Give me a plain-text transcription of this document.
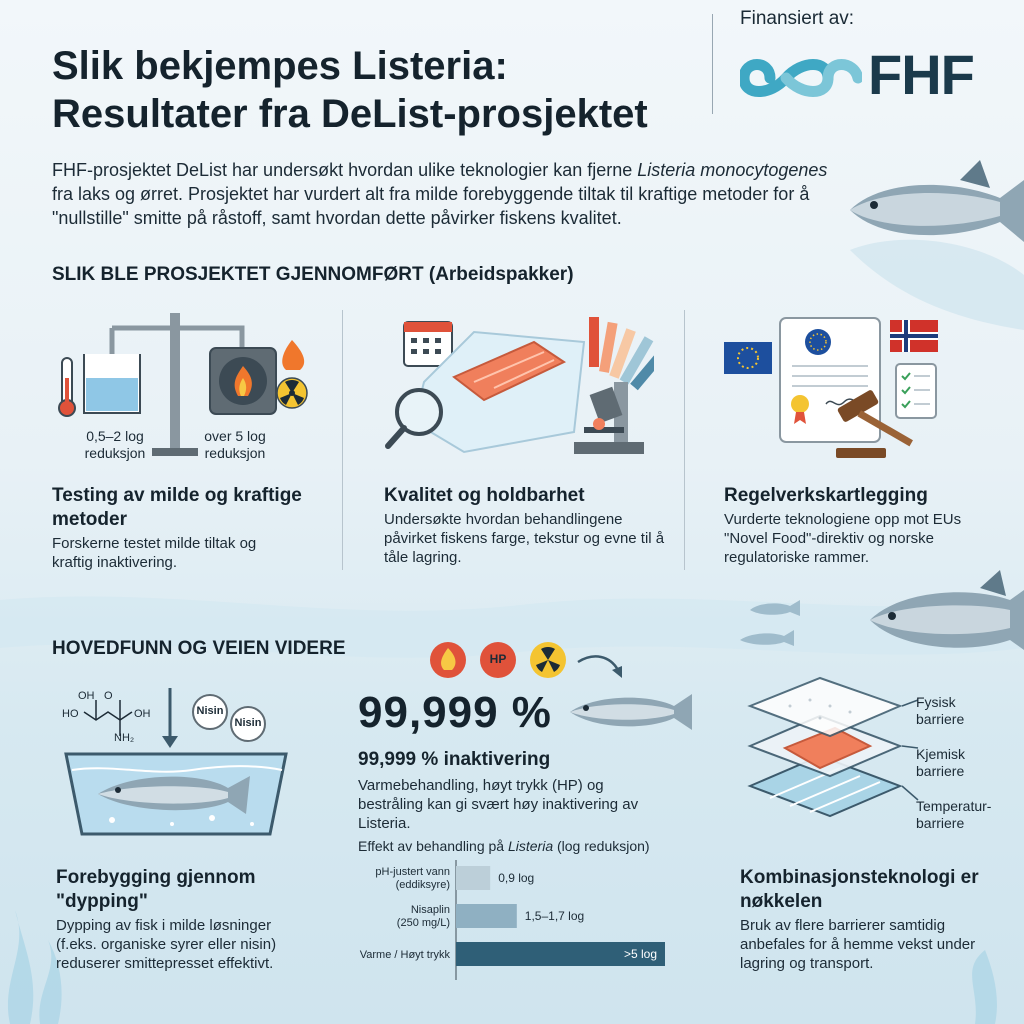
Slik bekjempes Listeria:
Resultater fra DeList-prosjektet
Finansiert av:
FHF
FHF-prosjektet DeList har undersøkt hvordan ulike teknologier kan fjerne Listeria monocytogenes fra laks og ørret. Prosjektet har vurdert alt fra milde forebyggende tiltak til kraftige metoder for å "nullstille" smitte på råstoff, samt hvordan dette påvirker fiskens kvalitet.
SLIK BLE PROSJEKTET GJENNOMFØRT (Arbeidspakker)
0,5–2 log reduksjon
over 5 log reduksjon
Testing av milde og kraftige metoder
Forskerne testet milde tiltak og kraftig inaktivering.
Kvalitet og holdbarhet
Undersøkte hvordan behandlingene påvirket fiskens farge, tekstur og evne til å tåle lagring.
Regelverkskartlegging
Vurderte teknologiene opp mot EUs "Novel Food"-direktiv og norske regulatoriske rammer.
HOVEDFUNN OG VEIEN VIDERE
OH O
HO	OH
NH₂
Nisin
Nisin
Forebygging gjennom "dypping"
Dypping av fisk i milde løsninger (f.eks. organiske syrer eller nisin) reduserer smittepresset effektivt.
HP
99,999 %
99,999 % inaktivering
Varmebehandling, høyt trykk (HP) og bestråling kan gi svært høy inaktivering av Listeria.
Effekt av behandling på Listeria (log reduksjon)
pH-justert vann (eddiksyre)	0,9 log
Nisaplin (250 mg/L)	1,5–1,7 log
Varme / Høyt trykk	>5 log
Fysisk barriere
Kjemisk barriere
Temperatur-barriere
Kombinasjonsteknologi er nøkkelen
Bruk av flere barrierer samtidig anbefales for å hemme vekst under lagring og transport.
